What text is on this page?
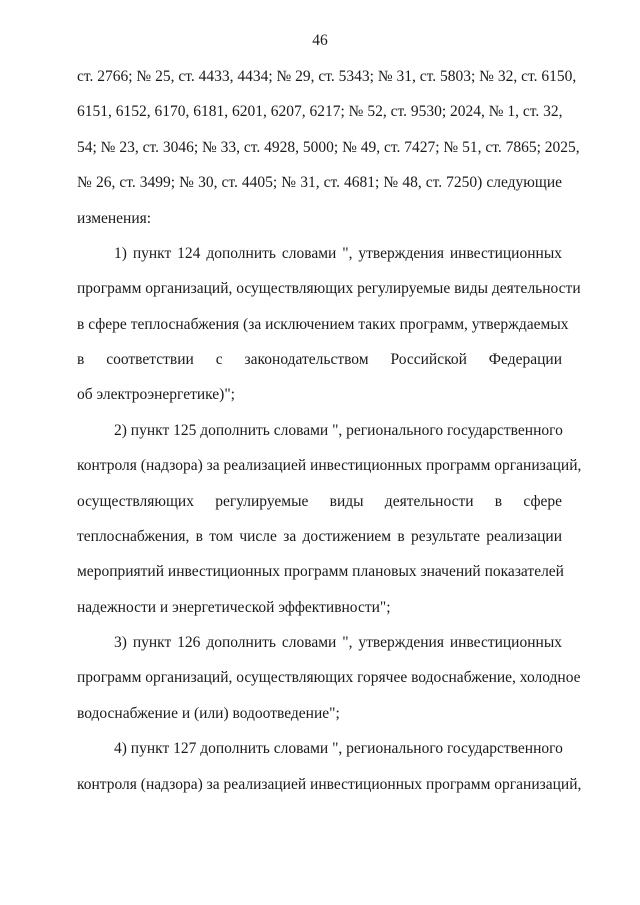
46
ст. 2766; № 25, ст. 4433, 4434; № 29, ст. 5343; № 31, ст. 5803; № 32, ст. 6150,
6151, 6152, 6170, 6181, 6201, 6207, 6217; № 52, ст. 9530; 2024, № 1, ст. 32,
54; № 23, ст. 3046; № 33, ст. 4928, 5000; № 49, ст. 7427; № 51, ст. 7865; 2025,
№ 26, ст. 3499; № 30, ст. 4405; № 31, ст. 4681; № 48, ст. 7250) следующие
изменения:
1) пункт 124 дополнить словами ", утверждения инвестиционных
программ организаций, осуществляющих регулируемые виды деятельности
в сфере теплоснабжения (за исключением таких программ, утверждаемых
в соответствии с законодательством Российской Федерации
об электроэнергетике)";
2) пункт 125 дополнить словами ", регионального государственного
контроля (надзора) за реализацией инвестиционных программ организаций,
осуществляющих регулируемые виды деятельности в сфере
теплоснабжения, в том числе за достижением в результате реализации
мероприятий инвестиционных программ плановых значений показателей
надежности и энергетической эффективности";
3) пункт 126 дополнить словами ", утверждения инвестиционных
программ организаций, осуществляющих горячее водоснабжение, холодное
водоснабжение и (или) водоотведение";
4) пункт 127 дополнить словами ", регионального государственного
контроля (надзора) за реализацией инвестиционных программ организаций,
